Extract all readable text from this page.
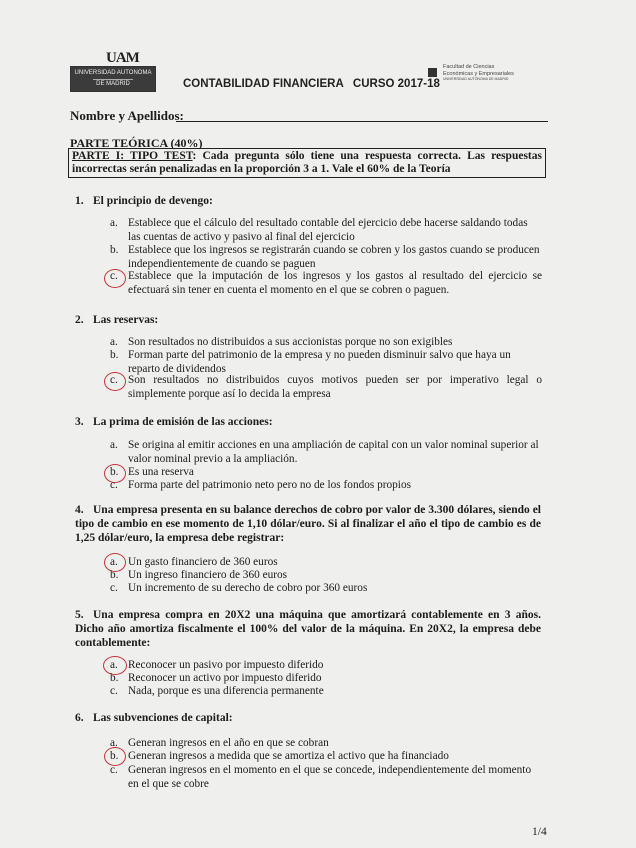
UAM
UNIVERSIDAD AUTONOMA
DE MADRID	CONTABILIDAD FINANCIERA   CURSO 2017-18
Facultad de Ciencias
Económicas y Empresariales
UNIVERSIDAD AUTÓNOMA DE MADRID
Nombre y Apellidos:
PARTE TEÓRICA (40%)
PARTE I: TIPO TEST: Cada pregunta sólo tiene una respuesta correcta. Las respuestas incorrectas serán penalizadas en la proporción 3 a 1. Vale el 60% de la Teoría
1. El principio de devengo:
a. Establece que el cálculo del resultado contable del ejercicio debe hacerse saldando todas las cuentas de activo y pasivo al final del ejercicio
b. Establece que los ingresos se registrarán cuando se cobren y los gastos cuando se producen independientemente de cuando se paguen
c. Establece que la imputación de los ingresos y los gastos al resultado del ejercicio se efectuará sin tener en cuenta el momento en el que se cobren o paguen.
2. Las reservas:
a. Son resultados no distribuidos a sus accionistas porque no son exigibles
b. Forman parte del patrimonio de la empresa y no pueden disminuir salvo que haya un reparto de dividendos
c. Son resultados no distribuidos cuyos motivos pueden ser por imperativo legal o simplemente porque así lo decida la empresa
3. La prima de emisión de las acciones:
a. Se origina al emitir acciones en una ampliación de capital con un valor nominal superior al valor nominal previo a la ampliación.
b. Es una reserva
c. Forma parte del patrimonio neto pero no de los fondos propios
4. Una empresa presenta en su balance derechos de cobro por valor de 3.300 dólares, siendo el tipo de cambio en ese momento de 1,10 dólar/euro. Si al finalizar el año el tipo de cambio es de 1,25 dólar/euro, la empresa debe registrar:
a. Un gasto financiero de 360 euros
b. Un ingreso financiero de 360 euros
c. Un incremento de su derecho de cobro por 360 euros
5. Una empresa compra en 20X2 una máquina que amortizará contablemente en 3 años. Dicho año amortiza fiscalmente el 100% del valor de la máquina. En 20X2, la empresa debe contablemente:
a. Reconocer un pasivo por impuesto diferido
b. Reconocer un activo por impuesto diferido
c. Nada, porque es una diferencia permanente
6. Las subvenciones de capital:
a. Generan ingresos en el año en que se cobran
b. Generan ingresos a medida que se amortiza el activo que ha financiado
c. Generan ingresos en el momento en el que se concede, independientemente del momento en el que se cobre
1/4
